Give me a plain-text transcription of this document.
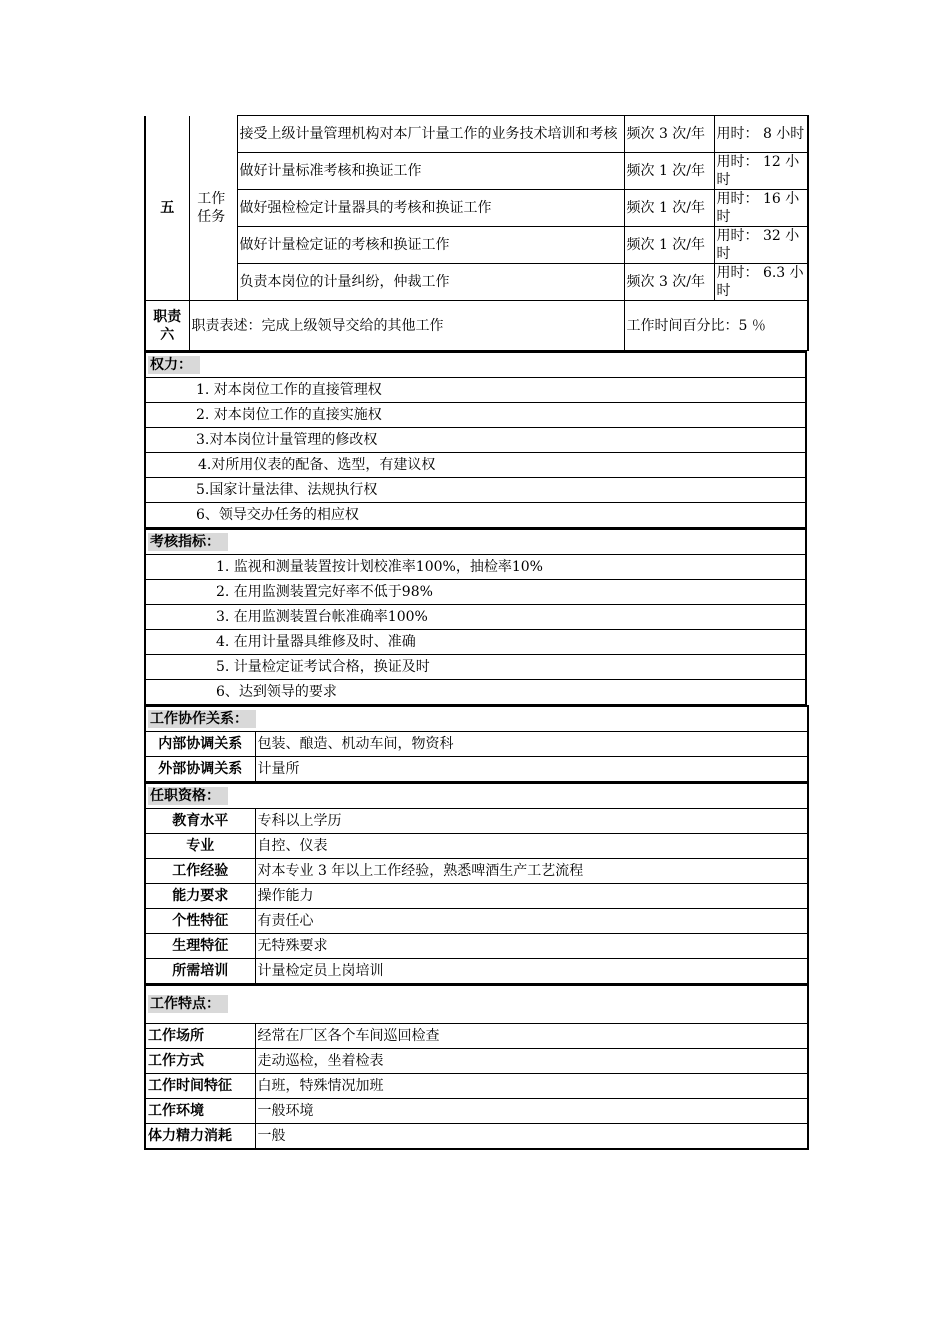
五	工作任务		接受上级计量管理机构对本厂计量工作的业务技术培训和考核	频次 3 次/年	用时： 8 小时
			做好计量标准考核和换证工作	频次 1 次/年	用时： 12 小时
			做好强检检定计量器具的考核和换证工作	频次 1 次/年	用时： 16 小时
			做好计量检定证的考核和换证工作	频次 1 次/年	用时： 32 小时
			负责本岗位的计量纠纷，仲裁工作	频次 3 次/年	用时： 6.3 小时
职责六	职责表述：完成上级领导交给的其他工作			工作时间百分比：5 ％	
权力：
1. 对本岗位工作的直接管理权
2. 对本岗位工作的直接实施权
3.对本岗位计量管理的修改权
4.对所用仪表的配备、选型，有建议权
5.国家计量法律、法规执行权
6、领导交办任务的相应权
考核指标：
1. 监视和测量装置按计划校准率100%，抽检率10%
2. 在用监测装置完好率不低于98%
3. 在用监测装置台帐准确率100%
4. 在用计量器具维修及时、准确
5. 计量检定证考试合格，换证及时
6、达到领导的要求
工作协作关系：	
内部协调关系	包装、酿造、机动车间，物资科
外部协调关系	计量所
任职资格：	
教育水平	专科以上学历
专业	自控、仪表
工作经验	对本专业 3 年以上工作经验，熟悉啤酒生产工艺流程
能力要求	操作能力
个性特征	有责任心
生理特征	无特殊要求
所需培训	计量检定员上岗培训
工作特点：	
工作场所	经常在厂区各个车间巡回检查
工作方式	走动巡检，坐着检表
工作时间特征	白班，特殊情况加班
工作环境	一般环境
体力精力消耗	一般
